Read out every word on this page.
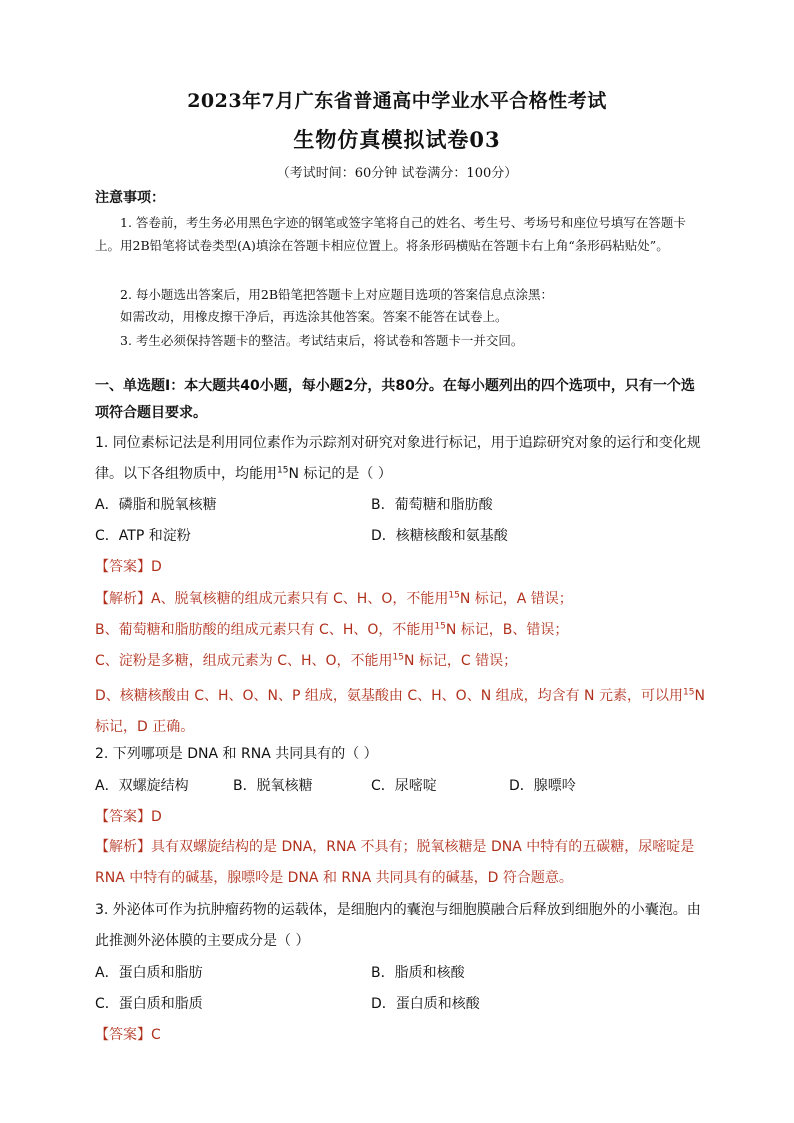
2023年7月广东省普通高中学业水平合格性考试
生物仿真模拟试卷03
（考试时间：60分钟 试卷满分：100分）
注意事项：
1. 答卷前，考生务必用黑色字迹的钢笔或签字笔将自己的姓名、考生号、考场号和座位号填写在答题卡上。用2B铅笔将试卷类型(A)填涂在答题卡相应位置上。将条形码横贴在答题卡右上角“条形码粘贴处”。
2. 每小题选出答案后，用2B铅笔把答题卡上对应题目选项的答案信息点涂黑：
如需改动，用橡皮擦干净后，再选涂其他答案。答案不能答在试卷上。
3. 考生必须保持答题卡的整洁。考试结束后，将试卷和答题卡一并交回。
一、单选题Ⅰ：本大题共40小题，每小题2分，共80分。在每小题列出的四个选项中，只有一个选项符合题目要求。
1. 同位素标记法是利用同位素作为示踪剂对研究对象进行标记，用于追踪研究对象的运行和变化规律。以下各组物质中，均能用$^{15}$N 标记的是（ ）
A．磷脂和脱氧核糖	B．葡萄糖和脂肪酸
C．ATP 和淀粉	D．核糖核酸和氨基酸
【答案】D
【解析】A、脱氧核糖的组成元素只有 C、H、O，不能用$^{15}$N 标记，A 错误；
B、葡萄糖和脂肪酸的组成元素只有 C、H、O，不能用$^{15}$N 标记，B、错误；
C、淀粉是多糖，组成元素为 C、H、O，不能用$^{15}$N 标记，C 错误；
D、核糖核酸由 C、H、O、N、P 组成，氨基酸由 C、H、O、N 组成，均含有 N 元素，可以用$^{15}$N 标记，D 正确。
2. 下列哪项是 DNA 和 RNA 共同具有的（ ）
A．双螺旋结构	B．脱氧核糖	C．尿嘧啶	D．腺嘌呤
【答案】D
【解析】具有双螺旋结构的是 DNA，RNA 不具有；脱氧核糖是 DNA 中特有的五碳糖，尿嘧啶是 RNA 中特有的碱基，腺嘌呤是 DNA 和 RNA 共同具有的碱基，D 符合题意。
3. 外泌体可作为抗肿瘤药物的运载体，是细胞内的囊泡与细胞膜融合后释放到细胞外的小囊泡。由此推测外泌体膜的主要成分是（ ）
A．蛋白质和脂肪	B．脂质和核酸
C．蛋白质和脂质	D．蛋白质和核酸
【答案】C
